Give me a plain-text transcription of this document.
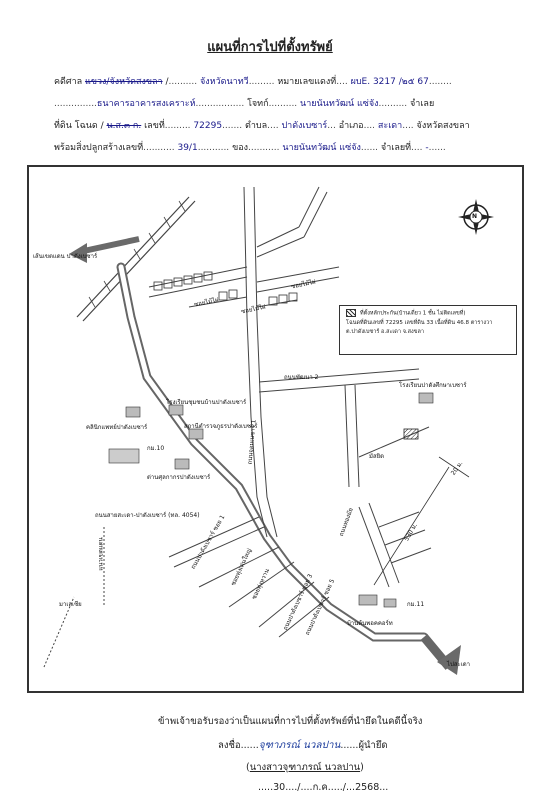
แผนที่การไปที่ตั้งทรัพย์
คดีศาล แขวง/จังหวัดสงขลา /.......... จังหวัดนาทวี......... หมายเลขแดงที่.... ผบE. 3217 /๒๕ 67........
...............ธนาคารอาคารสงเคราะห์................. โจทก์.......... นายนันทวัฒน์ แซ่จัง.......... จำเลย
ที่ดิน โฉนด / น.ส.๓ ก. เลขที่......... 72295....... ตำบล.... ปาดังเบซาร์... อำเภอ.... สะเดา.... จังหวัดสงขลา
พร้อมสิ่งปลูกสร้างเลขที่........... 39/1........... ของ........... นายนันทวัฒน์ แซ่จัง...... จำเลยที่.... -......
N
เส้นเขตแดน ปาดังเบซาร์
ซอยไม้ไผ่
ซอยไม้ไผ่
ซอยไม้ไผ่
ถนนพัฒนา 2
โรงเรียนชุมชนบ้านปาดังเบซาร์
สถานีตำรวจภูธรปาดังเบซาร์
คลินิกแพทย์ปาดังเบซาร์
กม.10
ด่านศุลกากรปาดังเบซาร์
โรงเรียนปาดังศึกษาเบซาร์
มัสยิด
ถนนจอมเบซาร์ 1
ถนนสายสะเดา-ปาดังเบซาร์ (ทล. 4054)
ถนนปาดังเบซาร์ ซอย 1 ซอยทุ่งเด่นใหญ่
ซอยทุ่งหวาน	ถนนปาดังเบซาร์ ซอย 3
ถนนปาดังเบซาร์ ซอย 5
ถนนทองมัย
20 ม.
530 ม.
กม.11
บ้านต้นพอคคอร์ท
ไปสะเดา
มาเลเซีย
แนวเขตแดน
ที่ตั้งหลักประกัน(บ้านเดี่ยว 1 ชั้น ไม่ติดเลขที่)
โฉนดที่ดินเลขที่ 72295 เลขที่ดิน 33 เนื้อที่ดิน 46.8 ตารางวา
ต.ปาดังเบซาร์ อ.สะเดา จ.สงขลา
ข้าพเจ้าขอรับรองว่าเป็นแผนที่การไปที่ตั้งทรัพย์ที่นำยึดในคดีนี้จริง
ลงชื่อ......จุฑาภรณ์ นวลปาน......ผู้นำยึด
(นางสาวจุฑาภรณ์ นวลปาน)
.....30..../....ก.ค...../...2568...
